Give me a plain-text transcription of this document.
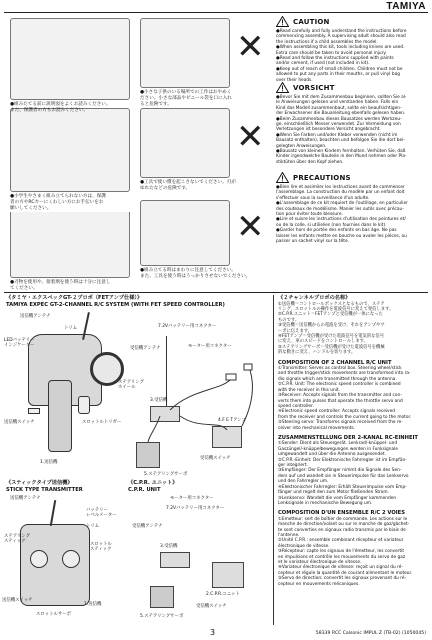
TAMIYA
✕
✕
✕
●組みたてる前に説明図をよくお読みください。
また、保護者の方もお読みください。
●小さな子供のいる場所での工作はおやめく
ださい。小さな部品やビニール袋を口に入れ
ると危険です。
●小学生やさまく組み立てられない方は、保護
者の方やRCカーにくわしい方にお手伝いをお
願いしてください。
●工具で使い慣を起こさないでください。刃が
ゆれたなどの危険です。
●刃物を使用や、接着剤を使う時は十分に注意し
てください。
●組み立てる時はまわりに注意してください。
また、工具を使う時はうっかりさせないでください。
CAUTION
●Read carefully and fully understand the instructions before
commencing assembly. A supervising adult should also read
the instructions if a child assembles the model.
●When assembling this kit, tools including knives are used.
Extra care should be taken to avoid personal injury.
●Read and follow the instructions supplied with paints
and/or cement, if used (not included in kit).
●Keep out of reach of small children. Children must not be
allowed to put any parts in their mouths, or pull vinyl bag
over their heads.
VORSICHT
●Bevor Sie mit dem Zusammenbau beginnen, sollten Sie al-
le Anweisungen gelesen und verstanden haben. Falls ein
Kind das Modell zusammenbaut, sollte ein beaufsichtigen-
der Erwachsener die Bauanleitung ebenfalls gelesen haben.
●Beim Zusammenbau dieses Bausatzes werden Werkzeu-
ge, einschließlich Messer verwendet. Zur Vermeidung von
Verletzungen ist besondere Vorsicht angebracht.
●Wenn Sie Farben und/oder Kleber verwenden (nicht im
Bausatz enthalten), beachten und befolgen Sie die dort bei-
gelegten Anweisungen.
●Bausatz von kleinen Kindern fernhalten. Verhüten Sie, daß
Kinder irgendwelche Bauteile in den Mund nehmen oder Pla-
stiktüten über den Kopf ziehen.
PRECAUTIONS
●Bien lire et assimiler les instructions avant de commencer
l'assemblage. La construction du modèle par un enfant doit
s'effectuer sous la surveillance d'un adulte.
●L'assemblage de ce kit requiert de l'outillage, en particulier
des couteaux de modélisme. Manier les outils avec précau-
tion pour éviter toute blessure.
●Lire et suivre les instructions d'utilisation des peintures et/
ou de la colle, si utilisées (non fournies dans le kit).
●Garder hors de portée des enfants en bas âge. Ne pas
laisser les enfants mettre en bouche ou avaler les pièces, ou
passer un sachet vinyl sur la tête.
《タミヤ・エクスペックGT-２プロポ（FETアンプ仕様）》
TAMIYA EXPEC GT-2-CHANNEL R/C SYSTEM (WITH FET SPEED CONTROLLER)
送信機アンテナ
トリム
LEDバッテリー
インジケーター
7.2Vバッテリー用コネクター
受信機アンテナ	モーター用コネクター
3.受信機
ステアリング
ホイール
4.F E Tアンプ
スロットルトリガー
送信機スイッチ
1.送信機
5.ステアリングサーボ
受信機スイッチ
《スティックタイプ送信機》
STICK TYPE TRANSMITTER
《C.P.R. ユニット》
C.P.R. UNIT
送信機アンテナ
バッテリー
レベルメーター
トリム
ステアリング
スティック
スロットル
スティック
送信機スイッチ
スロットルサーボ
1.送信機
モーター用コネクター
7.2Vバッテリー用コネクター
受信機アンテナ
3.受信機
2.C.P.R.ユニット
受信機スイッチ
5.ステアリングサーボ
《２チャンネルプロポの名称》
①送信機＝コントロールボックスとなるもので、ステア
リング、スロットルの操作を電波信号に変えて発信します。
②C.P.R.ユニット＝FETアンプと受信機が一体になった
ものです。
③受信機＝送信機からの電波を受け、それをアンプやサ
ーボに伝えます。
④FETアンプ＝受信機が受けた電波信号を電気的な信号
に変え、車のスピードをコントロールします。
⑤ステアリングサーボ＝受信機が受けた電波信号を機械
的な動きに変え、ハンドルを切ります。
COMPOSITION OF 2 CHANNEL R/C UNIT
①Transmitter: Serves as control box. Steering wheel/stick
and throttle trigger/stick movements are transformed into ra-
dio signals which are transmitted through the antenna.
②C.P.R. Unit: The electronic speed controller is combined
with the receiver in this unit.
③Receiver: Accepts signals from the transmitter and con-
verts them into pulses that operate the throttle servo and
speed controller.
④Electronic speed controller: Accepts signals received
from the receiver and controls the current going to the motor.
⑤Steering servo: Transforms signals received from the re-
ceiver into mechanical movements.
ZUSAMMENSTELLUNG DER 2-KANAL RC-EINHEIT
①Sender: Dient als Steuergerät. Lenkrad/-knüppel- und
Gaszüngel/-knüppelbewegungen werden in Funksignale
umgewandelt und über die Antenne ausgesendet.
②C.P.R.-Einheit: Der Elektronische Fahrregler ist im Empfän-
ger integriert.
③Empfänger: Der Empfänger nimmt die Signale des Sen-
ders auf und wandelt sie in Steuerimpulse für das Lenkservo
und den Fahrregler um.
④Elektronischer Fahrregler: Erhält Steuerimpulse vom Emp-
fänger und regelt den zum Motor fließenden Strom.
⑤Lenkservo: Wandelt die vom Empfänger kommenden
Lenksignale in mechanische Bewegung um.
COMPOSITION D'UN ENSEMBLE R/C 2 VOIES
①Emetteur: sert de boîtier de commande. Les actions sur le
manche de direction/volant ou sur le manche de gaz/gâchet-
te sont converties en signaux radio transmis par le biais de
l'antenne.
②Unité C.P.R.: ensemble combinant récepteur et variateur
électronique de vitesse.
③Récepteur: capte les signaux de l'émetteur, les convertit
en impulsions et contrôle les mouvements du servo de gaz
et le variateur électronique de vitesse.
④Variateur électronique de vitesse: reçoit un signal du ré-
cepteur et régule la quantité de courant alimentant le moteur.
⑤Servo de direction: convertit les signaux provenant du ré-
cepteur en mouvements mécaniques.
3	58339 RCC Calsonic IMPUL Z (TB-02) (1050045)
